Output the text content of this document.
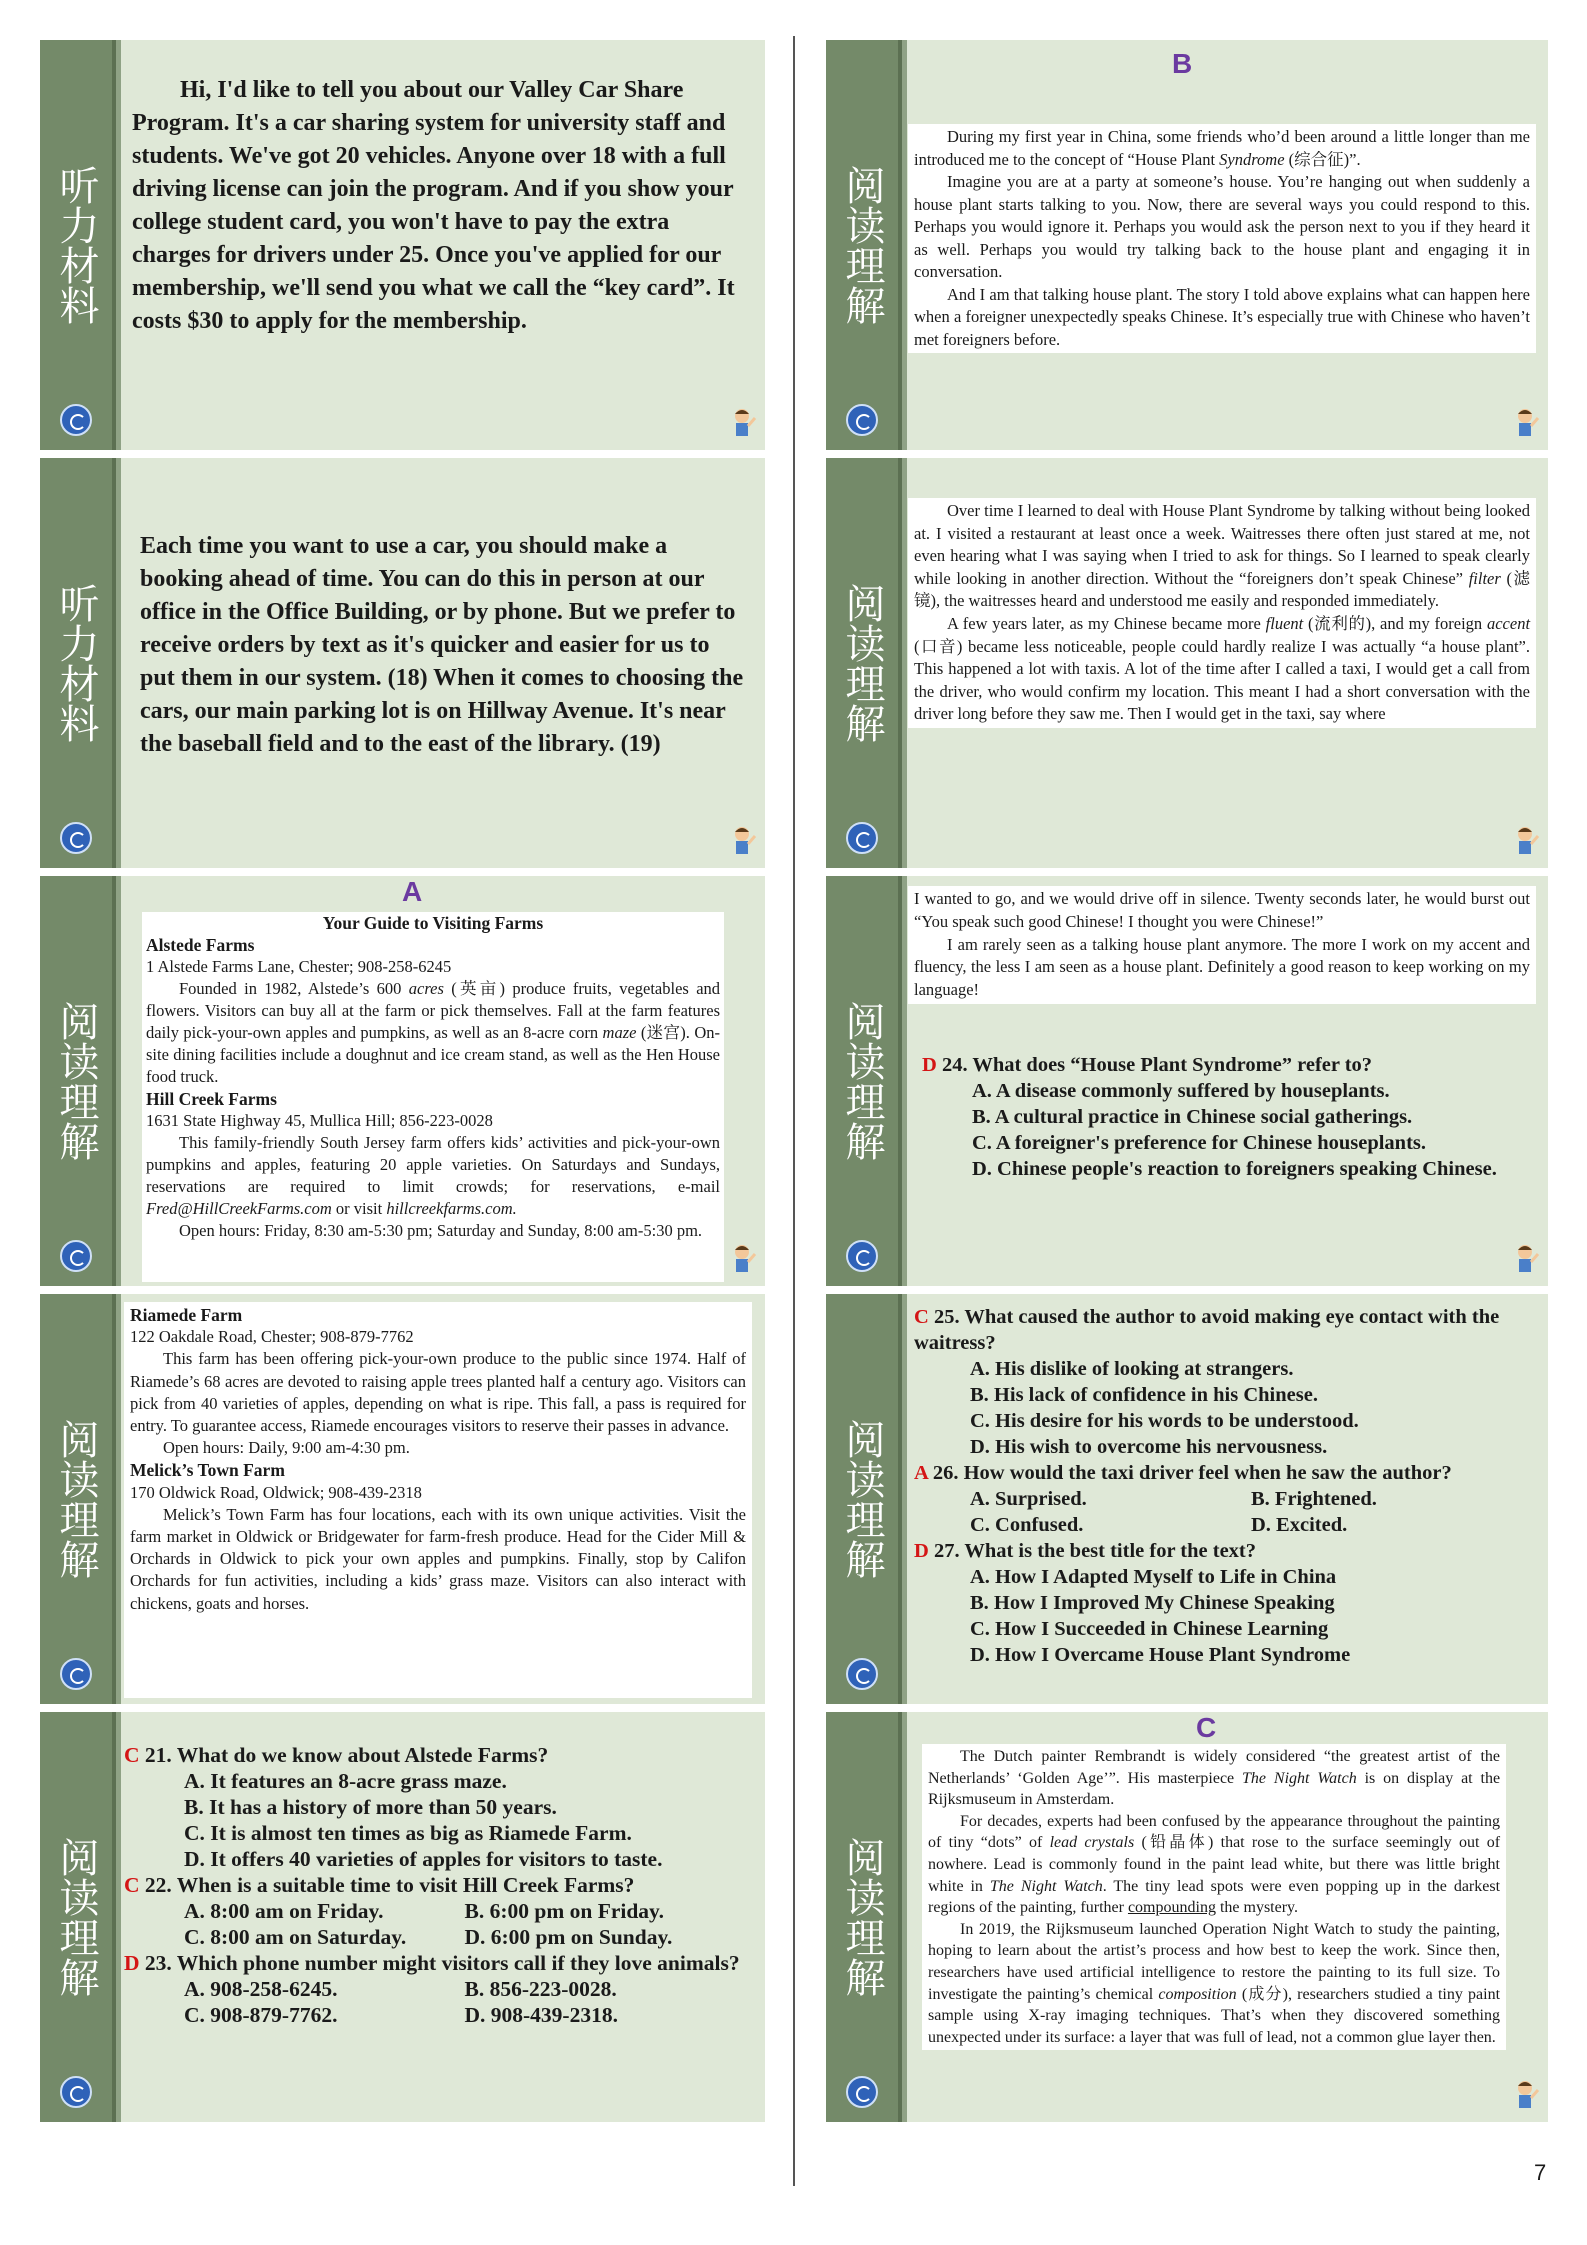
听力材料
Hi, I'd like to tell you about our Valley Car Share Program. It's a car sharing system for university staff and students. We've got 20 vehicles. Anyone over 18 with a full driving license can join the program. And if you show your college student card, you won't have to pay the extra charges for drivers under 25. Once you've applied for our membership, we'll send you what we call the “key card”. It costs $30 to apply for the membership.
听力材料
Each time you want to use a car, you should make a booking ahead of time. You can do this in person at our office in the Office Building, or by phone. But we prefer to receive orders by text as it's quicker and easier for us to put them in our system. (18) When it comes to choosing the cars, our main parking lot is on Hillway Avenue. It's near the baseball field and to the east of the library. (19)
阅读理解
A
Your Guide to Visiting Farms
Alstede Farms
1 Alstede Farms Lane, Chester; 908-258-6245

Founded in 1982, Alstede’s 600 acres (英亩) produce fruits, vegetables and flowers. Visitors can buy all at the farm or pick themselves. Fall at the farm features daily pick-your-own apples and pumpkins, as well as an 8-acre corn maze (迷宫). On-site dining facilities include a doughnut and ice cream stand, as well as the Hen House food truck.

Hill Creek Farms
1631 State Highway 45, Mullica Hill; 856-223-0028

This family-friendly South Jersey farm offers kids’ activities and pick-your-own pumpkins and apples, featuring 20 apple varieties. On Saturdays and Sundays, reservations are required to limit crowds; for reservations, e-mail Fred@HillCreekFarms.com or visit hillcreekfarms.com.

Open hours: Friday, 8:30 am-5:30 pm; Saturday and Sunday, 8:00 am-5:30 pm.

阅读理解
Riamede Farm
122 Oakdale Road, Chester; 908-879-7762

This farm has been offering pick-your-own produce to the public since 1974. Half of Riamede’s 68 acres are devoted to raising apple trees planted half a century ago. Visitors can pick from 40 varieties of apples, depending on what is ripe. This fall, a pass is required for entry. To guarantee access, Riamede encourages visitors to reserve their passes in advance.

Open hours: Daily, 9:00 am-4:30 pm.

Melick’s Town Farm
170 Oldwick Road, Oldwick; 908-439-2318

Melick’s Town Farm has four locations, each with its own unique activities. Visit the farm market in Oldwick or Bridgewater for farm-fresh produce. Head for the Cider Mill & Orchards in Oldwick to pick your own apples and pumpkins. Finally, stop by Califon Orchards for fun activities, including a kids’ grass maze. Visitors can also interact with chickens, goats and horses.

阅读理解
C 21. What do we know about Alstede Farms?
A. It features an 8-acre grass maze.
B. It has a history of more than 50 years.
C. It is almost ten times as big as Riamede Farm.
D. It offers 40 varieties of apples for visitors to taste.
C 22. When is a suitable time to visit Hill Creek Farms?
A. 8:00 am on Friday.	B. 6:00 pm on Friday.
C. 8:00 am on Saturday.	D. 6:00 pm on Sunday.
D 23. Which phone number might visitors call if they love animals?
A. 908-258-6245.	B. 856-223-0028.
C. 908-879-7762.	D. 908-439-2318.
阅读理解
B

During my first year in China, some friends who’d been around a little longer than me introduced me to the concept of “House Plant Syndrome (综合征)”.

Imagine you are at a party at someone’s house. You’re hanging out when suddenly a house plant starts talking to you. Now, there are several ways you could respond to this. Perhaps you would ignore it. Perhaps you would ask the person next to you if they heard it as well. Perhaps you would try talking back to the house plant and engaging it in conversation.

And I am that talking house plant. The story I told above explains what can happen here when a foreigner unexpectedly speaks Chinese. It’s especially true with Chinese who haven’t met foreigners before.

阅读理解

Over time I learned to deal with House Plant Syndrome by talking without being looked at. I visited a restaurant at least once a week. Waitresses there often just stared at me, not even hearing what I was saying when I tried to ask for things. So I learned to speak clearly while looking in another direction. Without the “foreigners don’t speak Chinese” filter (滤镜), the waitresses heard and understood me easily and responded immediately.

A few years later, as my Chinese became more fluent (流利的), and my foreign accent (口音) became less noticeable, people could hardly realize I was actually “a house plant”. This happened a lot with taxis. A lot of the time after I called a taxi, I would get a call from the driver, who would confirm my location. This meant I had a short conversation with the driver long before they saw me. Then I would get in the taxi, say where

阅读理解
I wanted to go, and we would drive off in silence. Twenty seconds later, he would burst out “You speak such good Chinese! I thought you were Chinese!”

I am rarely seen as a talking house plant anymore. The more I work on my accent and fluency, the less I am seen as a house plant. Definitely a good reason to keep working on my language!

D 24. What does “House Plant Syndrome” refer to?
A. A disease commonly suffered by houseplants.
B. A cultural practice in Chinese social gatherings.
C. A foreigner's preference for Chinese houseplants.
D. Chinese people's reaction to foreigners speaking Chinese.
阅读理解
C 25. What caused the author to avoid making eye contact with the waitress?
A. His dislike of looking at strangers.
B. His lack of confidence in his Chinese.
C. His desire for his words to be understood.
D. His wish to overcome his nervousness.
A 26. How would the taxi driver feel when he saw the author?
A. Surprised.	B. Frightened.
C. Confused.	D. Excited.
D 27. What is the best title for the text?
A. How I Adapted Myself to Life in China
B. How I Improved My Chinese Speaking
C. How I Succeeded in Chinese Learning
D. How I Overcame House Plant Syndrome
阅读理解
C

The Dutch painter Rembrandt is widely considered “the greatest artist of the Netherlands’ ‘Golden Age’”. His masterpiece The Night Watch is on display at the Rijksmuseum in Amsterdam.

For decades, experts had been confused by the appearance throughout the painting of tiny “dots” of lead crystals (铅晶体) that rose to the surface seemingly out of nowhere. Lead is commonly found in the paint lead white, but there was little bright white in The Night Watch. The tiny lead spots were even popping up in the darkest regions of the painting, further compounding the mystery.

In 2019, the Rijksmuseum launched Operation Night Watch to study the painting, hoping to learn about the artist’s process and how best to keep the work. Since then, researchers have used artificial intelligence to restore the painting to its full size. To investigate the painting’s chemical composition (成分), researchers studied a tiny paint sample using X-ray imaging techniques. That’s when they discovered something unexpected under its surface: a layer that was full of lead, not a common glue layer then.

7
